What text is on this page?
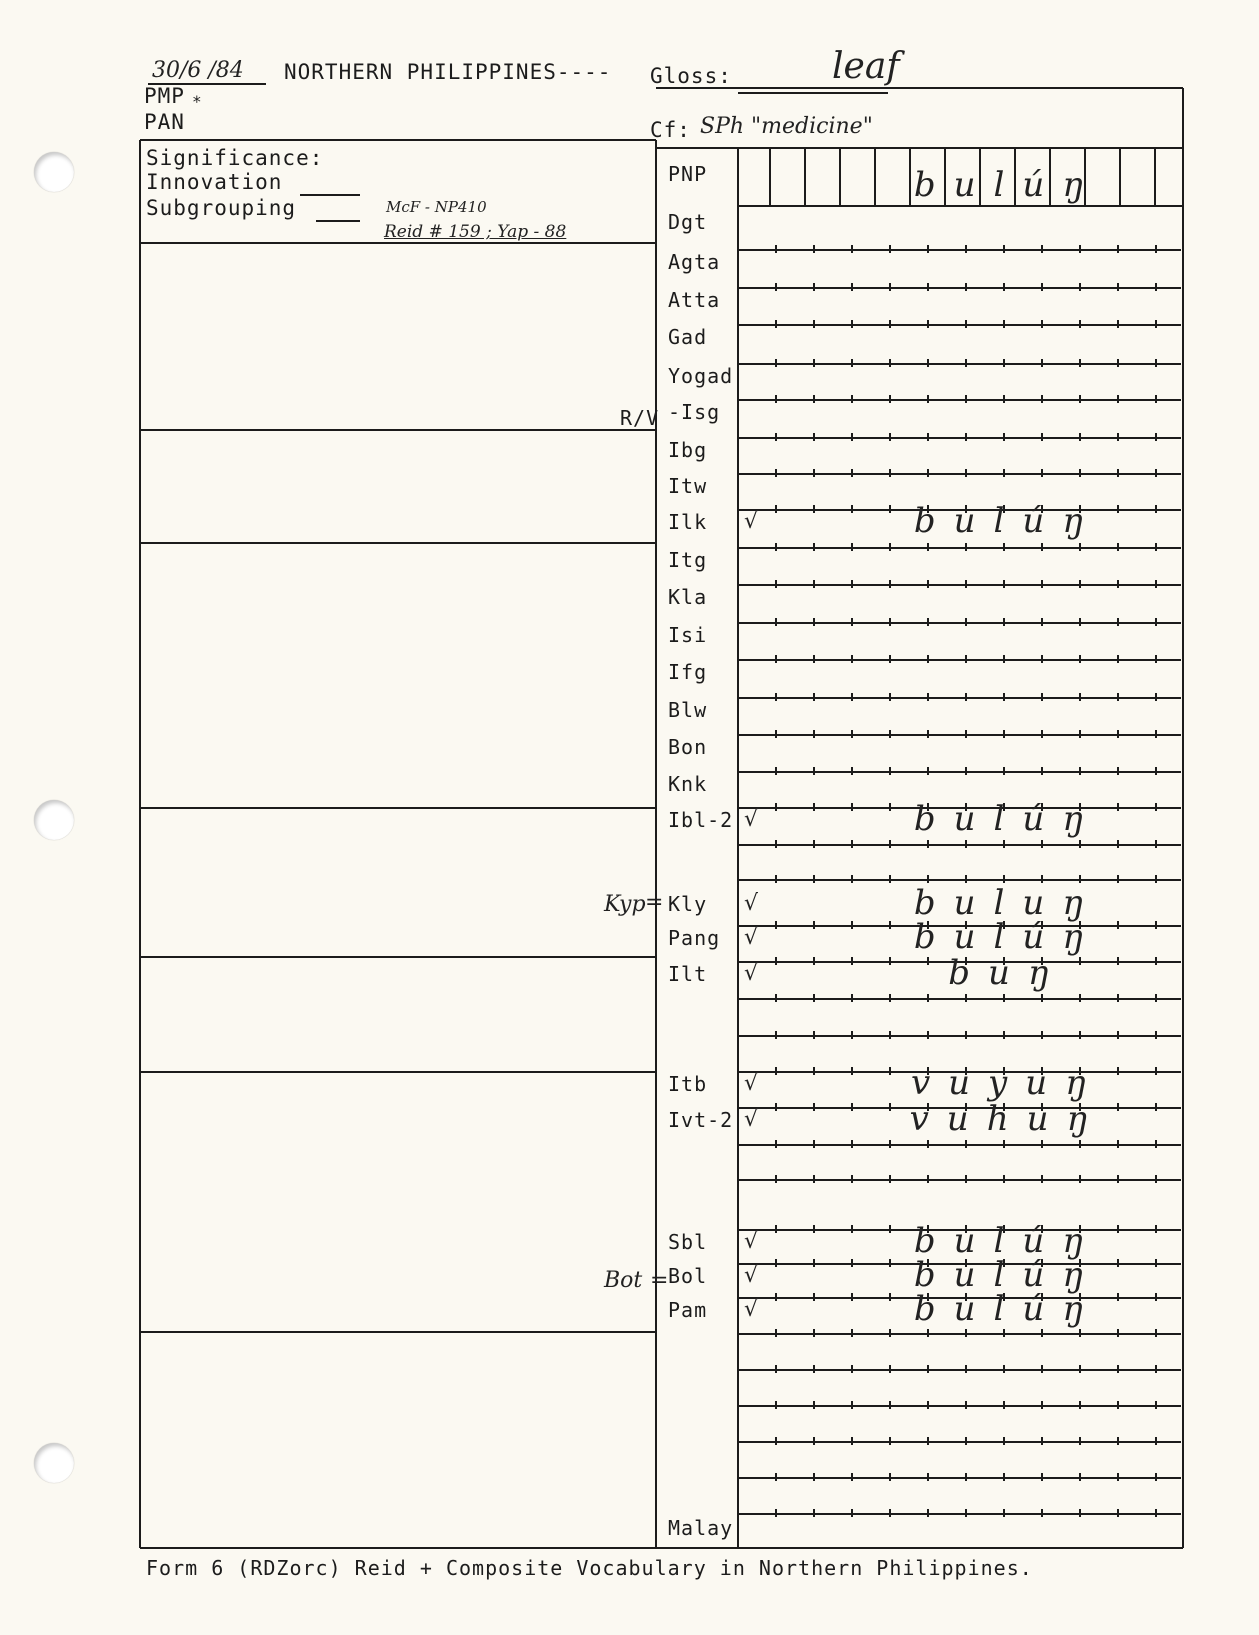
30/6 /84	NORTHERN PHILIPPINES---- Gloss:	leaf
PMP *
PAN	Cf: SPh "medicine"
Significance:
Innovation
Subgrouping	McF - NP410
Reid # 159 ; Yap - 88
R/V
Kyp
Bot
=
=
PNP	bulúŋ
Dgt
Agta
Atta
Gad
Yogad
-Isg
Ibg
Itw
Ilk √	bulúŋ
Itg
Kla
Isi
Ifg
Blw
Bon
Knk
Ibl-2 √	bulúŋ
Kly √	buluŋ
Pang √	bulúŋ
Ilt √	buŋ
Itb √	vuyuŋ
Ivt-2 √	vuhuŋ
Sbl √	bulúŋ
Bol √	bulúŋ
Pam √	bulúŋ
Malay
Form 6 (RDZorc) Reid + Composite Vocabulary in Northern Philippines.
